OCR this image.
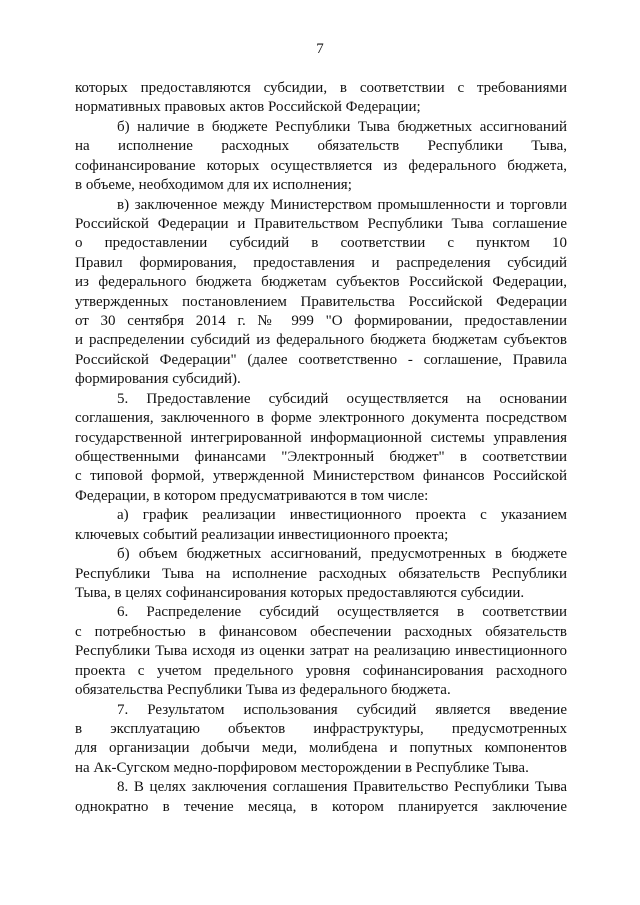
7
которых предоставляются субсидии, в соответствии с требованиями
нормативных правовых актов Российской Федерации;
б) наличие в бюджете Республики Тыва бюджетных ассигнований
на исполнение расходных обязательств Республики Тыва,
софинансирование которых осуществляется из федерального бюджета,
в объеме, необходимом для их исполнения;
в) заключенное между Министерством промышленности и торговли
Российской Федерации и Правительством Республики Тыва соглашение
о предоставлении субсидий в соответствии с пунктом 10
Правил формирования, предоставления и распределения субсидий
из федерального бюджета бюджетам субъектов Российской Федерации,
утвержденных постановлением Правительства Российской Федерации
от 30 сентября 2014 г. № 999 "О формировании, предоставлении
и распределении субсидий из федерального бюджета бюджетам субъектов
Российской Федерации" (далее соответственно - соглашение, Правила
формирования субсидий).
5. Предоставление субсидий осуществляется на основании
соглашения, заключенного в форме электронного документа посредством
государственной интегрированной информационной системы управления
общественными финансами "Электронный бюджет" в соответствии
с типовой формой, утвержденной Министерством финансов Российской
Федерации, в котором предусматриваются в том числе:
а) график реализации инвестиционного проекта с указанием
ключевых событий реализации инвестиционного проекта;
б) объем бюджетных ассигнований, предусмотренных в бюджете
Республики Тыва на исполнение расходных обязательств Республики
Тыва, в целях софинансирования которых предоставляются субсидии.
6. Распределение субсидий осуществляется в соответствии
с потребностью в финансовом обеспечении расходных обязательств
Республики Тыва исходя из оценки затрат на реализацию инвестиционного
проекта с учетом предельного уровня софинансирования расходного
обязательства Республики Тыва из федерального бюджета.
7. Результатом использования субсидий является введение
в эксплуатацию объектов инфраструктуры, предусмотренных
для организации добычи меди, молибдена и попутных компонентов
на Ак-Сугском медно-порфировом месторождении в Республике Тыва.
8. В целях заключения соглашения Правительство Республики Тыва
однократно в течение месяца, в котором планируется заключение
